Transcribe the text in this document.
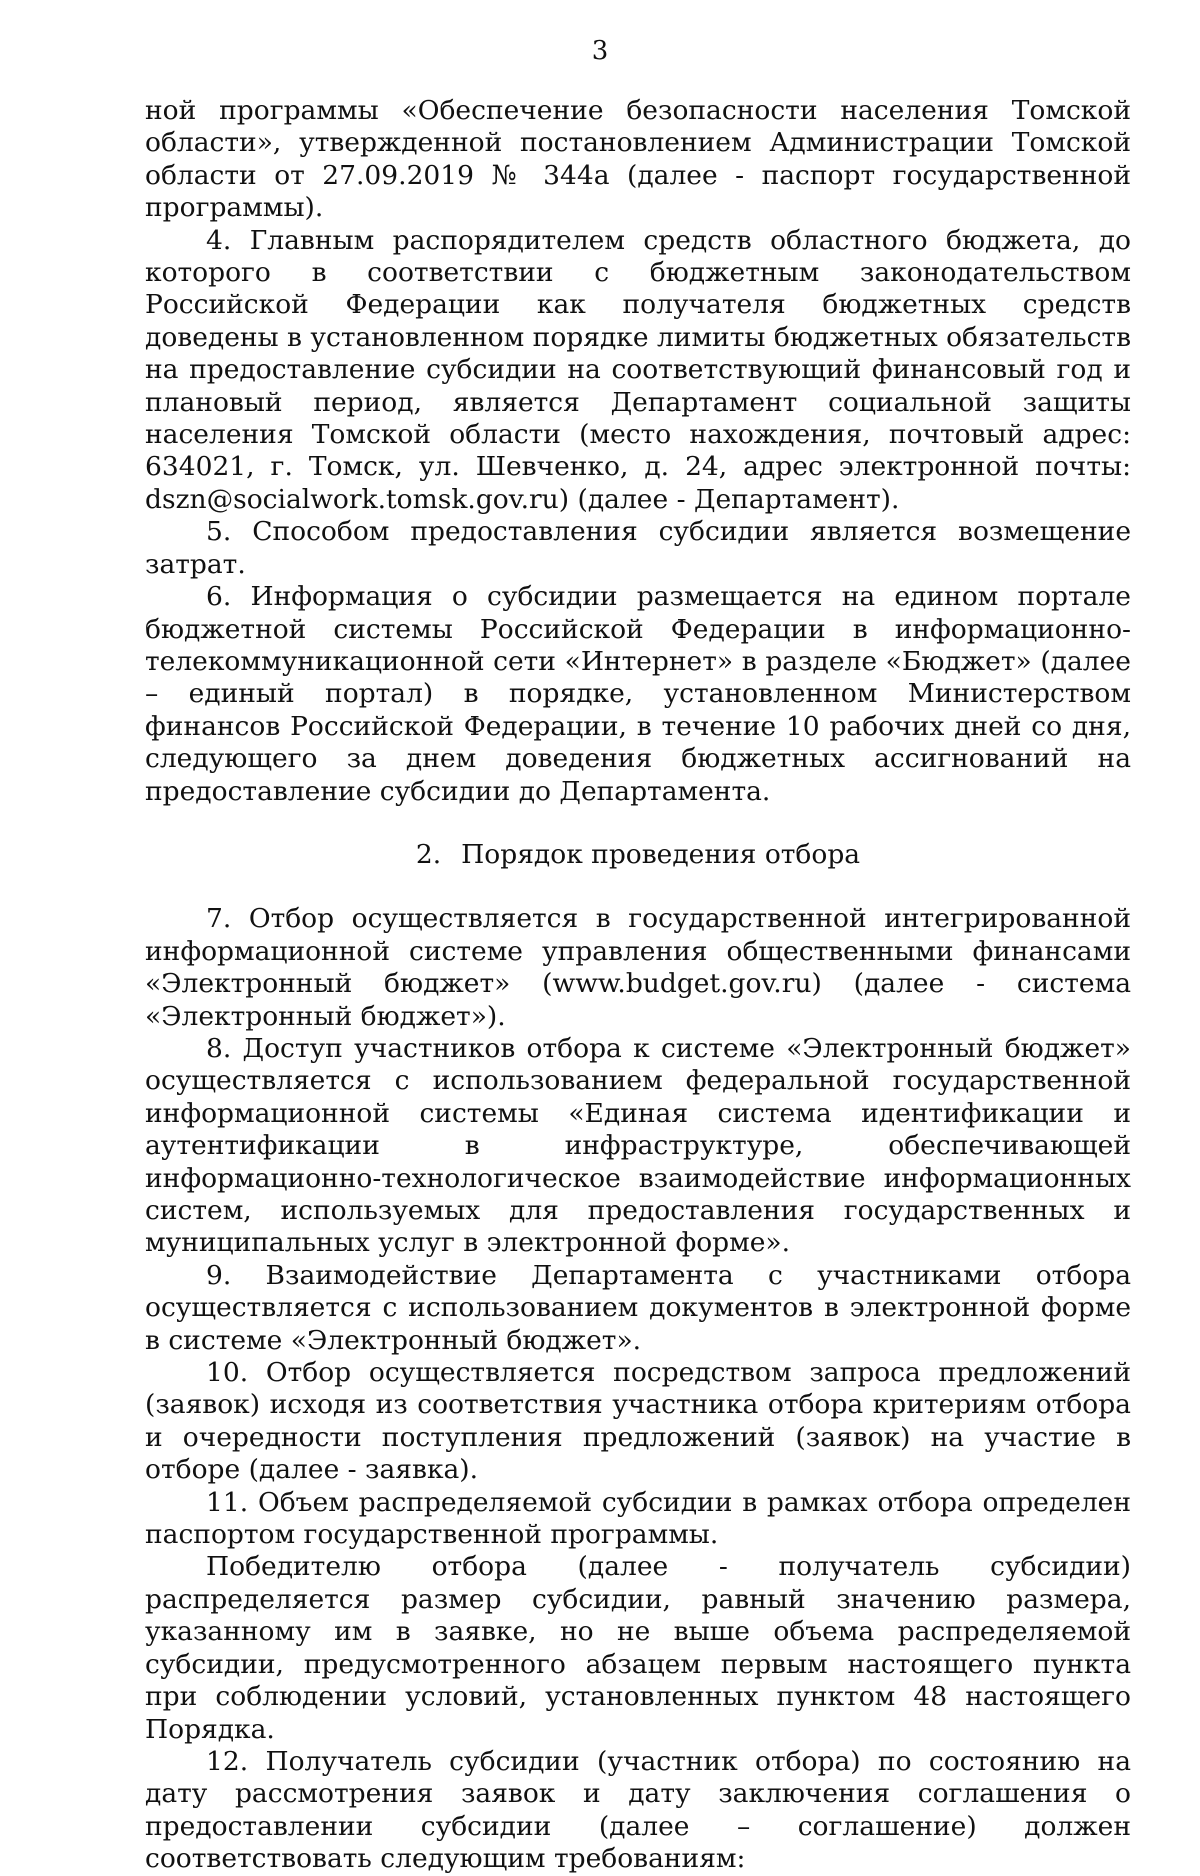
3

ной программы «Обеспечение безопасности населения Томской области», утвержденной постановлением Администрации Томской области от 27.09.2019 № 344а (далее - паспорт государственной программы).

4. Главным распорядителем средств областного бюджета, до которого в соответствии с бюджетным законодательством Российской Федерации как получателя бюджетных средств доведены в установленном порядке лимиты бюджетных обязательств на предоставление субсидии на соответствующий финансовый год и плановый период, является Департамент социальной защиты населения Томской области (место нахождения, почтовый адрес: 634021, г. Томск, ул. Шевченко, д. 24, адрес электронной почты: dszn@socialwork.tomsk.gov.ru) (далее - Департамент).

5. Способом предоставления субсидии является возмещение затрат.

6. Информация о субсидии размещается на едином портале бюджетной системы Российской Федерации в информационно-телекоммуникационной сети «Интернет» в разделе «Бюджет» (далее – единый портал) в порядке, установленном Министерством финансов Российской Федерации, в течение 10 рабочих дней со дня, следующего за днем доведения бюджетных ассигнований на предоставление субсидии до Департамента.

2. Порядок проведения отбора

7. Отбор осуществляется в государственной интегрированной информационной системе управления общественными финансами «Электронный бюджет» (www.budget.gov.ru) (далее - система «Электронный бюджет»).

8. Доступ участников отбора к системе «Электронный бюджет» осуществляется с использованием федеральной государственной информационной системы «Единая система идентификации и аутентификации в инфраструктуре, обеспечивающей информационно-технологическое взаимодействие информационных систем, используемых для предоставления государственных и муниципальных услуг в электронной форме».

9. Взаимодействие Департамента с участниками отбора осуществляется с использованием документов в электронной форме в системе «Электронный бюджет».

10. Отбор осуществляется посредством запроса предложений (заявок) исходя из соответствия участника отбора критериям отбора и очередности поступления предложений (заявок) на участие в отборе (далее - заявка).

11. Объем распределяемой субсидии в рамках отбора определен паспортом государственной программы.

Победителю отбора (далее - получатель субсидии) распределяется размер субсидии, равный значению размера, указанному им в заявке, но не выше объема распределяемой субсидии, предусмотренного абзацем первым настоящего пункта при соблюдении условий, установленных пунктом 48 настоящего Порядка.

12. Получатель субсидии (участник отбора) по состоянию на дату рассмотрения заявок и дату заключения соглашения о предоставлении субсидии (далее – соглашение) должен соответствовать следующим требованиям:
